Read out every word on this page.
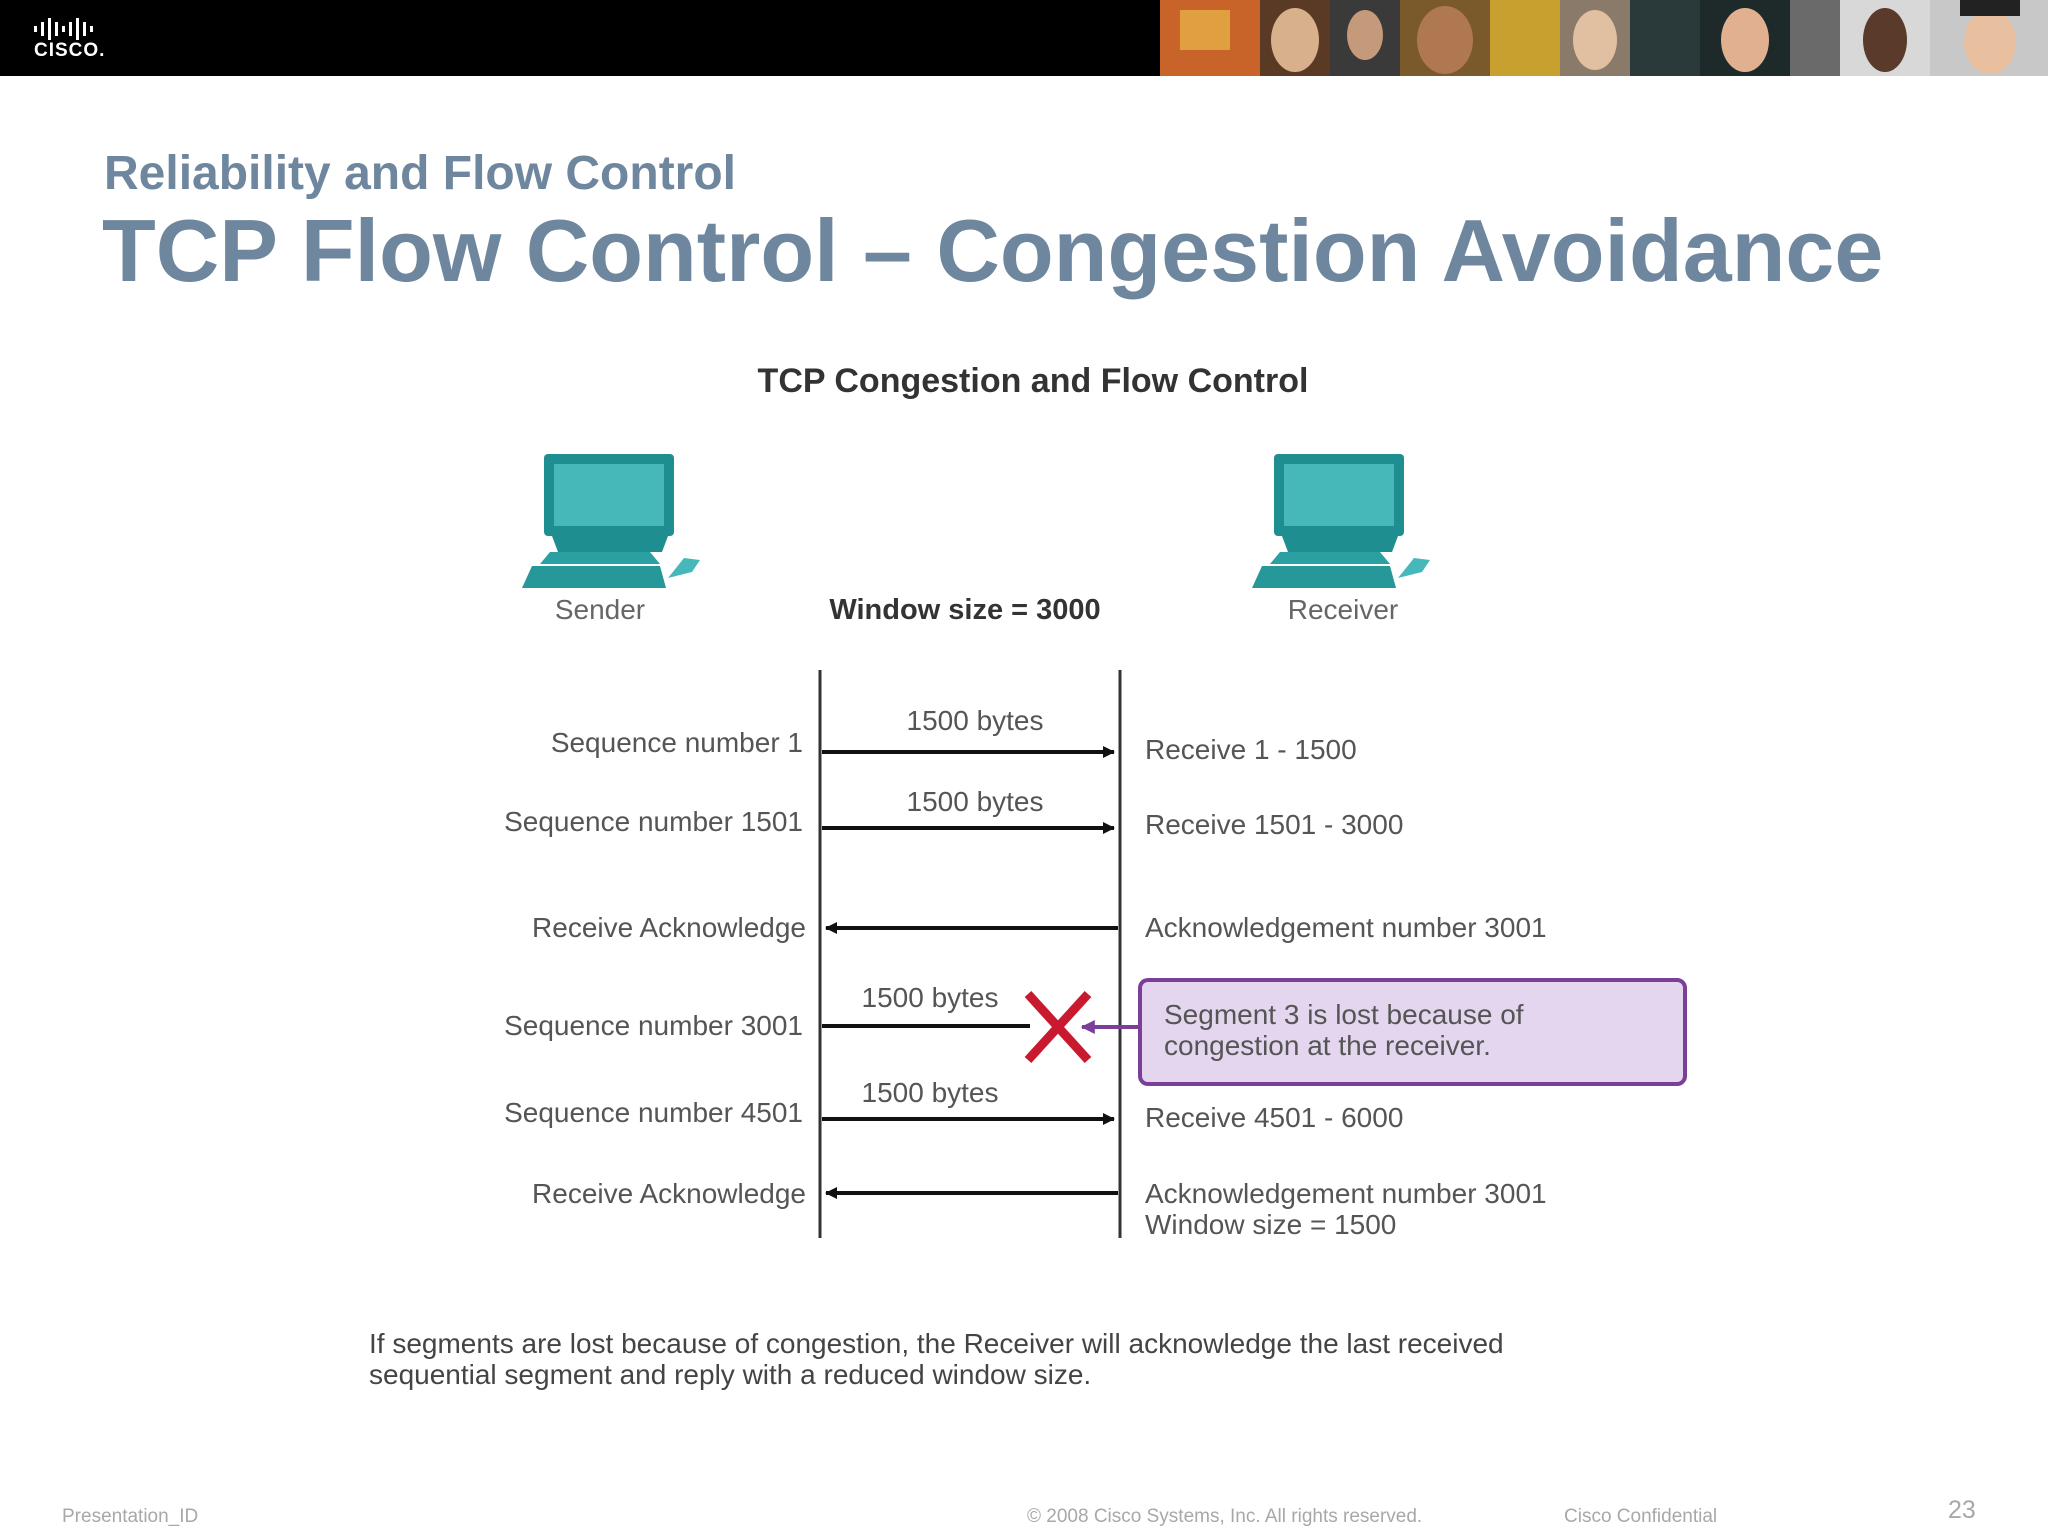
CISCO.
Reliability and Flow Control
TCP Flow Control – Congestion Avoidance
TCP Congestion and Flow Control
Sender	Receiver
Window size = 3000
Sequence number 1
1500 bytes
Receive 1 - 1500
Sequence number 1501
1500 bytes
Receive 1501 - 3000
Receive Acknowledge	Acknowledgement number 3001
Sequence number 3001
1500 bytes
Segment 3 is lost because of
congestion at the receiver.
Sequence number 4501
1500 bytes
Receive 4501 - 6000
Receive Acknowledge	Acknowledgement number 3001
Window size = 1500
If segments are lost because of congestion, the Receiver will acknowledge the last received
sequential segment and reply with a reduced window size.
Presentation_ID	© 2008 Cisco Systems, Inc. All rights reserved.	Cisco Confidential	23
